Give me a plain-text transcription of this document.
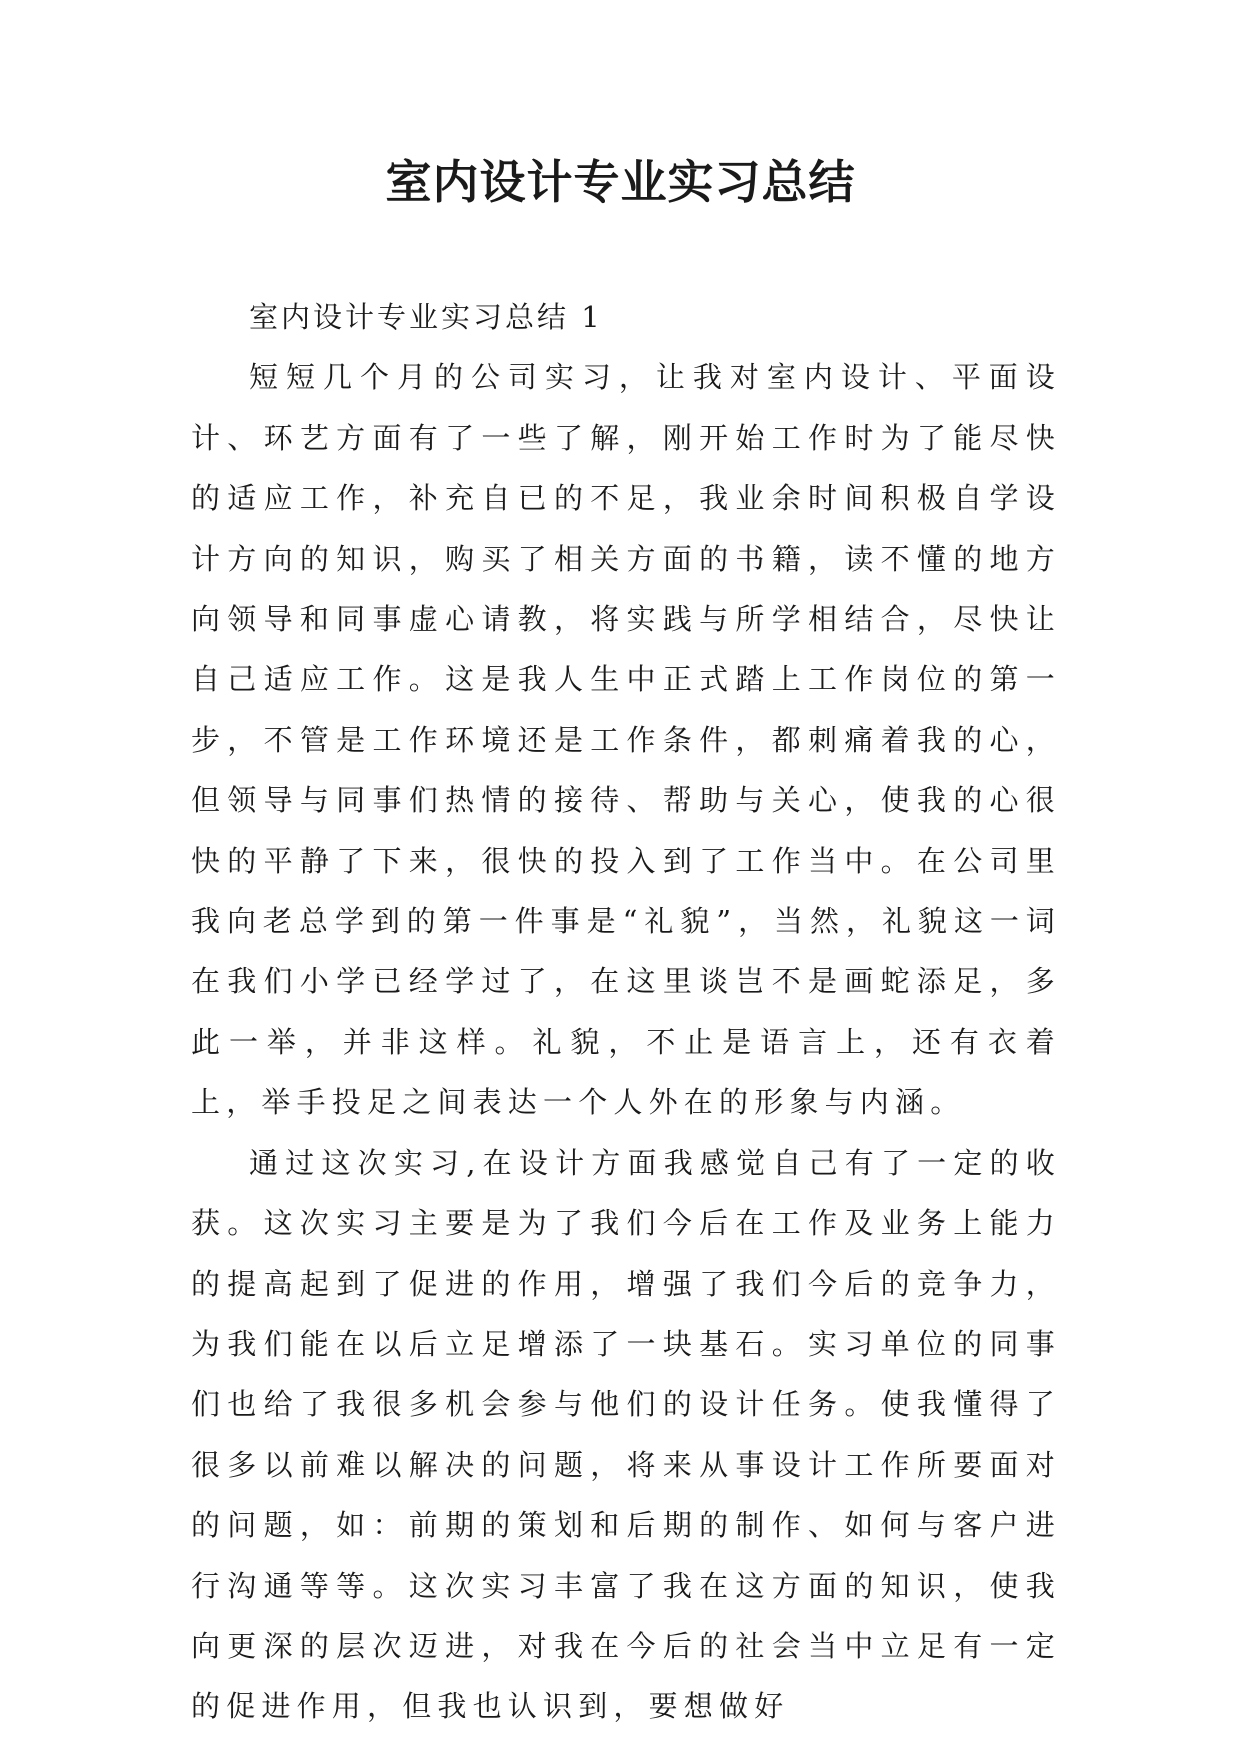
室内设计专业实习总结

室内设计专业实习总结 1

短短几个月的公司实习，让我对室内设计、平面设计、环艺方面有了一些了解，刚开始工作时为了能尽快的适应工作，补充自已的不足，我业余时间积极自学设计方向的知识，购买了相关方面的书籍，读不懂的地方向领导和同事虚心请教，将实践与所学相结合，尽快让自己适应工作。这是我人生中正式踏上工作岗位的第一步，不管是工作环境还是工作条件，都刺痛着我的心，但领导与同事们热情的接待、帮助与关心，使我的心很快的平静了下来，很快的投入到了工作当中。在公司里我向老总学到的第一件事是“礼貌”，当然，礼貌这一词在我们小学已经学过了，在这里谈岂不是画蛇添足，多此一举，并非这样。礼貌，不止是语言上，还有衣着上，举手投足之间表达一个人外在的形象与内涵。

通过这次实习,在设计方面我感觉自己有了一定的收获。这次实习主要是为了我们今后在工作及业务上能力的提高起到了促进的作用，增强了我们今后的竞争力，为我们能在以后立足增添了一块基石。实习单位的同事们也给了我很多机会参与他们的设计任务。使我懂得了很多以前难以解决的问题，将来从事设计工作所要面对的问题，如：前期的策划和后期的制作、如何与客户进行沟通等等。这次实习丰富了我在这方面的知识，使我向更深的层次迈进，对我在今后的社会当中立足有一定的促进作用，但我也认识到，要想做好
